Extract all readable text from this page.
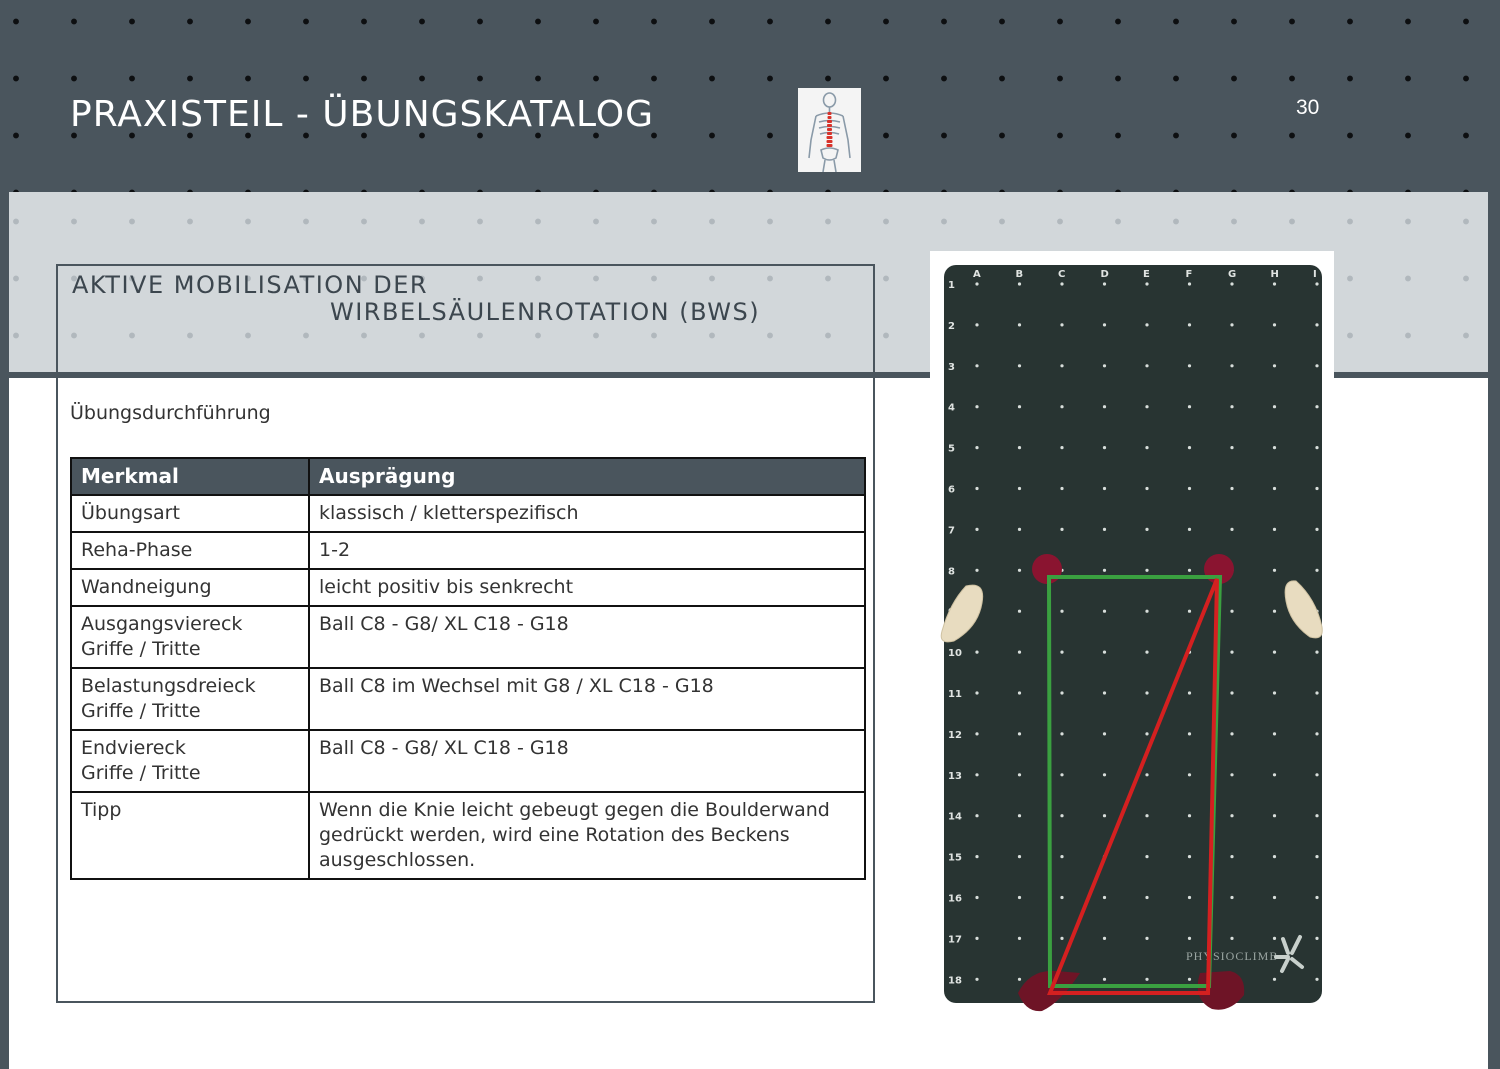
PRAXISTEIL - ÜBUNGSKATALOG	30
AKTIVE MOBILISATION DER
WIRBELSÄULENROTATION (BWS)
Übungsdurchführung
Merkmal	Ausprägung
Übungsart	klassisch / kletterspezifisch
Reha-Phase	1-2
Wandneigung	leicht positiv bis senkrecht
Ausgangsviereck
Griffe / Tritte	Ball C8 - G8/ XL C18 - G18
Belastungsdreieck
Griffe / Tritte	Ball C8 im Wechsel mit G8 / XL C18 - G18
Endviereck
Griffe / Tritte	Ball C8 - G8/ XL C18 - G18
Tipp	Wenn die Knie leicht gebeugt gegen die Boulderwand
gedrückt werden, wird eine Rotation des Beckens
ausgeschlossen.
A	B	C	D	E	F	G	H	I
1
2
3
4
5
6
7
8
10
11
12
13
14
15
16
17
18
PHYSIOCLIMB
